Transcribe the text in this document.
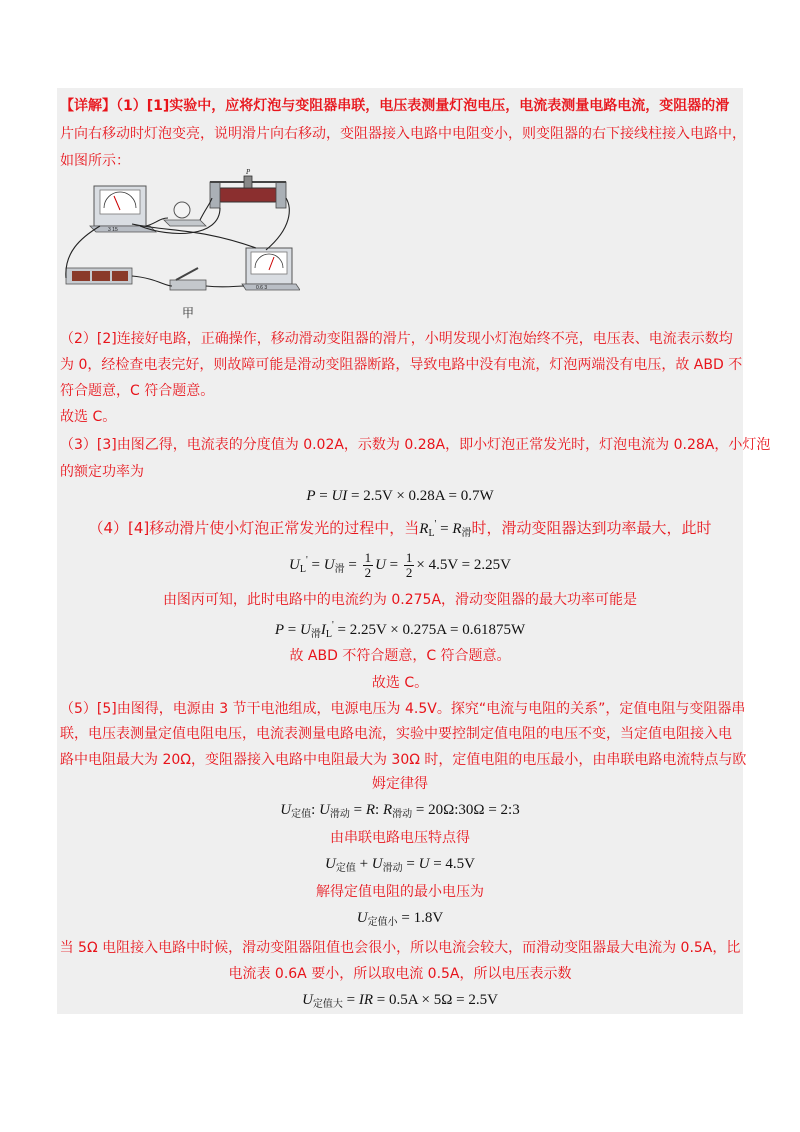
【详解】（1）[1]实验中，应将灯泡与变阻器串联，电压表测量灯泡电压，电流表测量电路电流，变阻器的滑
片向右移动时灯泡变亮，说明滑片向右移动，变阻器接入电路中电阻变小，则变阻器的右下接线柱接入电路中，
如图所示：
3 15
P
0.6 3
甲
（2）[2]连接好电路，正确操作，移动滑动变阻器的滑片，小明发现小灯泡始终不亮，电压表、电流表示数均
为 0，经检查电表完好，则故障可能是滑动变阻器断路，导致电路中没有电流，灯泡两端没有电压，故 ABD 不
符合题意，C 符合题意。
故选 C。
（3）[3]由图乙得，电流表的分度值为 0.02A，示数为 0.28A，即小灯泡正常发光时，灯泡电流为 0.28A，小灯泡
的额定功率为
P = UI = 2.5V × 0.28A = 0.7W
（4）[4]移动滑片使小灯泡正常发光的过程中，当$R_L' = R_滑$时，滑动变阻器达到功率最大，此时
$U_L' = U_滑 = \frac{1}{2}$ $U = \frac{1}{2} \times 4.5V = 2.25V$
由图丙可知，此时电路中的电流约为 0.275A，滑动变阻器的最大功率可能是
$P = U_滑I_L' = 2.25V \times 0.275A = 0.61875W$
故 ABD 不符合题意，C 符合题意。
故选 C。
（5）[5]由图得，电源由 3 节干电池组成，电源电压为 4.5V。探究“电流与电阻的关系”，定值电阻与变阻器串
联，电压表测量定值电阻电压，电流表测量电路电流，实验中要控制定值电阻的电压不变，当定值电阻接入电
路中电阻最大为 20Ω，变阻器接入电路中电阻最大为 30Ω 时，定值电阻的电压最小，由串联电路电流特点与欧
姆定律得
$U_{定值}$: $U_{滑动} = R$: $R_{滑动}$ = 20Ω:30Ω = 2:3
由串联电路电压特点得
$U_{定值} + U_{滑动} = U = 4.5V$
解得定值电阻的最小电压为
$U_{定值小} = 1.8V$
当 5Ω 电阻接入电路中时候，滑动变阻器阻值也会很小，所以电流会较大，而滑动变阻器最大电流为 0.5A，比
电流表 0.6A 要小，所以取电流 0.5A，所以电压表示数
$U_{定值大}$ = IR = 0.5A × 5Ω = 2.5V
